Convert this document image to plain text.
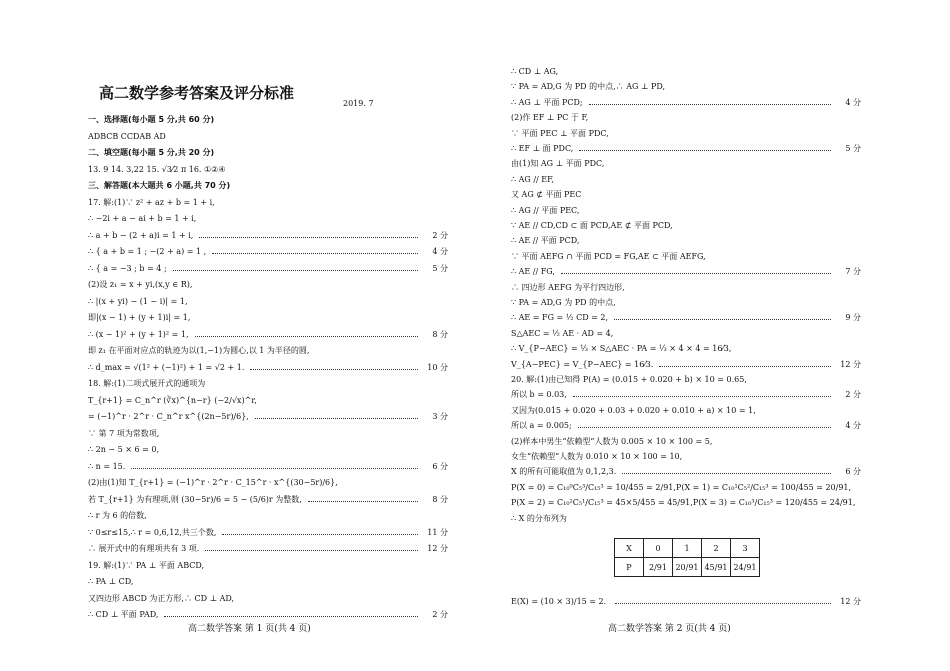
高二数学参考答案及评分标准
2019. 7
一、选择题(每小题 5 分,共 60 分)
ADBCB CCDAB AD
二、填空题(每小题 5 分,共 20 分)
13. 9 14. 3,22 15. √3⁄2 π 16. ①②④
三、解答题(本大题共 6 小题,共 70 分)
17. 解:(1)∵ z² + az + b = 1 + i,
∴ −2i + a − ai + b = 1 + i,
∴ a + b − (2 + a)i = 1 + i,	2 分
∴ { a + b = 1 ; −(2 + a) = 1 ,	4 分
∴ { a = −3 ; b = 4 ;	5 分
(2)设 z₁ = x + yi,(x,y ∈ R),
∴ |(x + yi) − (1 − i)| = 1,
即|(x − 1) + (y + 1)i| = 1,
∴ (x − 1)² + (y + 1)² = 1,	8 分
即 z₁ 在平面对应点的轨迹为以(1,−1)为圆心,以 1 为半径的圆,
∴ d_max = √(1² + (−1)²) + 1 = √2 + 1.	10 分
18. 解:(1)二项式展开式的通项为
T_{r+1} = C_n^r (∛x)^{n−r} (−2/√x)^r,
= (−1)^r · 2^r · C_n^r x^{(2n−5r)/6},	3 分
∵ 第 7 项为常数项,
∴ 2n − 5 × 6 = 0,
∴ n = 15.	6 分
(2)由(1)知 T_{r+1} = (−1)^r · 2^r · C_15^r · x^{(30−5r)/6},
若 T_{r+1} 为有理项,则 (30−5r)/6 = 5 − (5/6)r 为整数,	8 分
∴ r 为 6 的倍数,
∵ 0≤r≤15,∴ r = 0,6,12,共三个数,	11 分
∴ 展开式中的有理项共有 3 项.	12 分
19. 解:(1)∵ PA ⊥ 平面 ABCD,
∴ PA ⊥ CD,
又四边形 ABCD 为正方形,∴ CD ⊥ AD,
∴ CD ⊥ 平面 PAD,	2 分
X	0	1	2	3
P	2/91	20/91	45/91	24/91
E(X) = (10 × 3)/15 = 2.	12 分
∴ CD ⊥ AG,
∵ PA = AD,G 为 PD 的中点,∴ AG ⊥ PD,
∴ AG ⊥ 平面 PCD;	4 分
(2)作 EF ⊥ PC 于 F,
∵ 平面 PEC ⊥ 平面 PDC,
∴ EF ⊥ 面 PDC,	5 分
由(1)知 AG ⊥ 平面 PDC,
∴ AG // EF,
又 AG ⊄ 平面 PEC
∴ AG // 平面 PEC,
∵ AE // CD,CD ⊂ 面 PCD,AE ⊄ 平面 PCD,
∴ AE // 平面 PCD,
∵ 平面 AEFG ∩ 平面 PCD = FG,AE ⊂ 平面 AEFG,
∴ AE // FG,	7 分
∴ 四边形 AEFG 为平行四边形,
∵ PA = AD,G 为 PD 的中点,
∴ AE = FG = ½ CD = 2,	9 分
S△AEC = ½ AE · AD = 4,
∴ V_{P−AEC} = ⅓ × S△AEC · PA = ⅓ × 4 × 4 = 16⁄3,
V_{A−PEC} = V_{P−AEC} = 16⁄3.	12 分
20. 解:(1)由已知得 P(A) = (0.015 + 0.020 + b) × 10 = 0.65,
所以 b = 0.03,	2 分
又因为(0.015 + 0.020 + 0.03 + 0.020 + 0.010 + a) × 10 = 1,
所以 a = 0.005;	4 分
(2)样本中男生“依赖型”人数为 0.005 × 10 × 100 = 5,
女生“依赖型”人数为 0.010 × 10 × 100 = 10,
X 的所有可能取值为 0,1,2,3.	6 分
P(X = 0) = C₁₀⁰C₅³/C₁₅³ = 10/455 = 2/91,P(X = 1) = C₁₀¹C₅²/C₁₅³ = 100/455 = 20/91,
P(X = 2) = C₁₀²C₅¹/C₁₅³ = 45×5/455 = 45/91,P(X = 3) = C₁₀³/C₁₅³ = 120/455 = 24/91,
∴ X 的分布列为
高二数学答案 第 1 页(共 4 页)	高二数学答案 第 2 页(共 4 页)
